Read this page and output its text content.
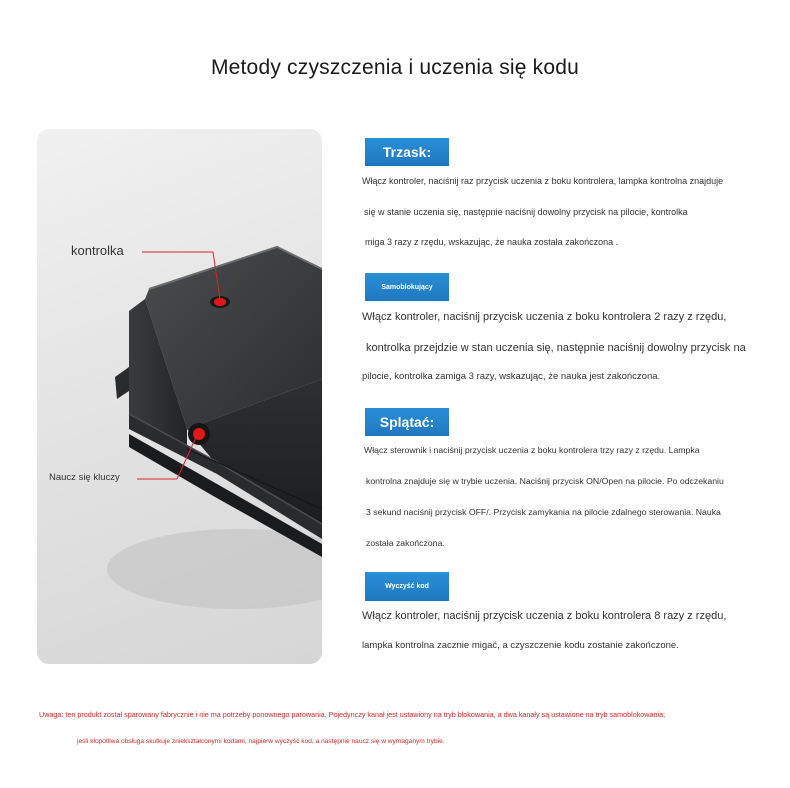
Metody czyszczenia i uczenia się kodu
kontrolka
Naucz się kluczy
Trzask:
Włącz kontroler, naciśnij raz przycisk uczenia z boku kontrolera, lampka kontrolna znajduje
się w stanie uczenia się, następnie naciśnij dowolny przycisk na pilocie, kontrolka
miga 3 razy z rzędu, wskazując, że nauka została zakończona .
Samoblokujący
Włącz kontroler, naciśnij przycisk uczenia z boku kontrolera 2 razy z rzędu,
kontrolka przejdzie w stan uczenia się, następnie naciśnij dowolny przycisk na
pilocie, kontrolka zamiga 3 razy, wskazując, że nauka jest zakończona.
Splątać:
Włącz sterownik i naciśnij przycisk uczenia z boku kontrolera trzy razy z rzędu. Lampka
kontrolna znajduje się w trybie uczenia. Naciśnij przycisk ON/Open na pilocie. Po odczekaniu
3 sekund naciśnij przycisk OFF/. Przycisk zamykania na pilocie zdalnego sterowania. Nauka
została zakończona.
Wyczyść kod
Włącz kontroler, naciśnij przycisk uczenia z boku kontrolera 8 razy z rzędu,
lampka kontrolna zacznie migać, a czyszczenie kodu zostanie zakończone.
Uwaga: ten produkt został sparowany fabrycznie i nie ma potrzeby ponownego parowania. Pojedynczy kanał jest ustawiony na tryb blokowania, a dwa kanały są ustawione na tryb samoblokowania;
jeśli kłopotliwa obsługa skutkuje zniekształconymi kodami, najpierw wyczyść kod, a następnie naucz się w wymaganym trybie.
